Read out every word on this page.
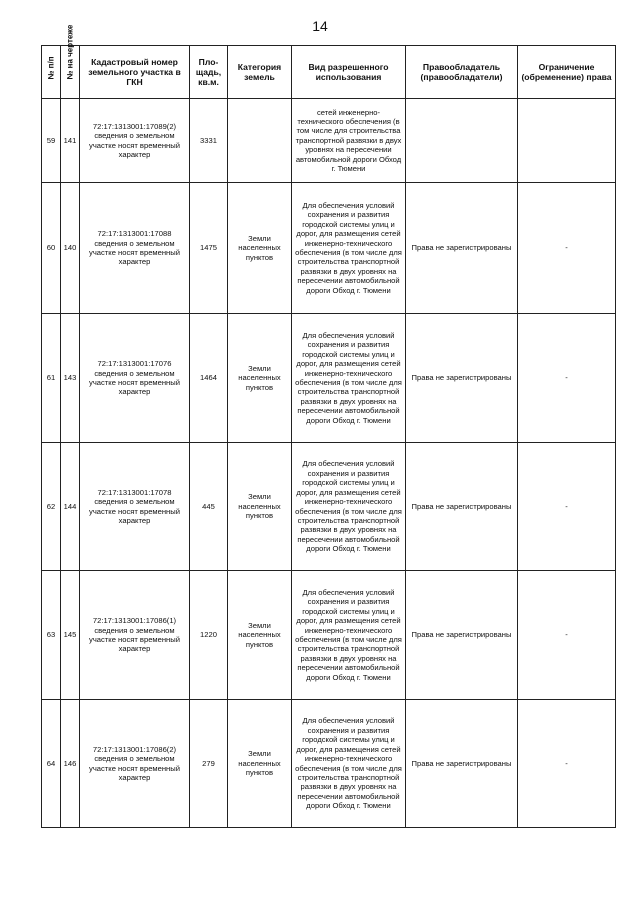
14
№ п/п	№ на чертеже	Кадастровый номер земельного участка в ГКН	Пло-щадь, кв.м.	Категория земель	Вид разрешенного использования	Правообладатель (правообладатели)	Ограничение (обременение) права
59	141	72:17:1313001:17089(2) сведения о земельном участке носят временный характер	3331		сетей инженерно-технического обеспечения (в том числе для строительства транспортной развязки в двух уровнях на пересечении автомобильной дороги Обход г. Тюмени		
60	140	72:17:1313001:17088 сведения о земельном участке носят временный характер	1475	Земли населенных пунктов	Для обеспечения условий сохранения и развития городской системы улиц и дорог, для размещения сетей инженерно-технического обеспечения (в том числе для строительства транспортной развязки в двух уровнях на пересечении автомобильной дороги Обход г. Тюмени	Права не зарегистрированы	-
61	143	72:17:1313001:17076 сведения о земельном участке носят временный характер	1464	Земли населенных пунктов	Для обеспечения условий сохранения и развития городской системы улиц и дорог, для размещения сетей инженерно-технического обеспечения (в том числе для строительства транспортной развязки в двух уровнях на пересечении автомобильной дороги Обход г. Тюмени	Права не зарегистрированы	-
62	144	72:17:1313001:17078 сведения о земельном участке носят временный характер	445	Земли населенных пунктов	Для обеспечения условий сохранения и развития городской системы улиц и дорог, для размещения сетей инженерно-технического обеспечения (в том числе для строительства транспортной развязки в двух уровнях на пересечении автомобильной дороги Обход г. Тюмени	Права не зарегистрированы	-
63	145	72:17:1313001:17086(1) сведения о земельном участке носят временный характер	1220	Земли населенных пунктов	Для обеспечения условий сохранения и развития городской системы улиц и дорог, для размещения сетей инженерно-технического обеспечения (в том числе для строительства транспортной развязки в двух уровнях на пересечении автомобильной дороги Обход г. Тюмени	Права не зарегистрированы	-
64	146	72:17:1313001:17086(2) сведения о земельном участке носят временный характер	279	Земли населенных пунктов	Для обеспечения условий сохранения и развития городской системы улиц и дорог, для размещения сетей инженерно-технического обеспечения (в том числе для строительства транспортной развязки в двух уровнях на пересечении автомобильной дороги Обход г. Тюмени	Права не зарегистрированы	-
